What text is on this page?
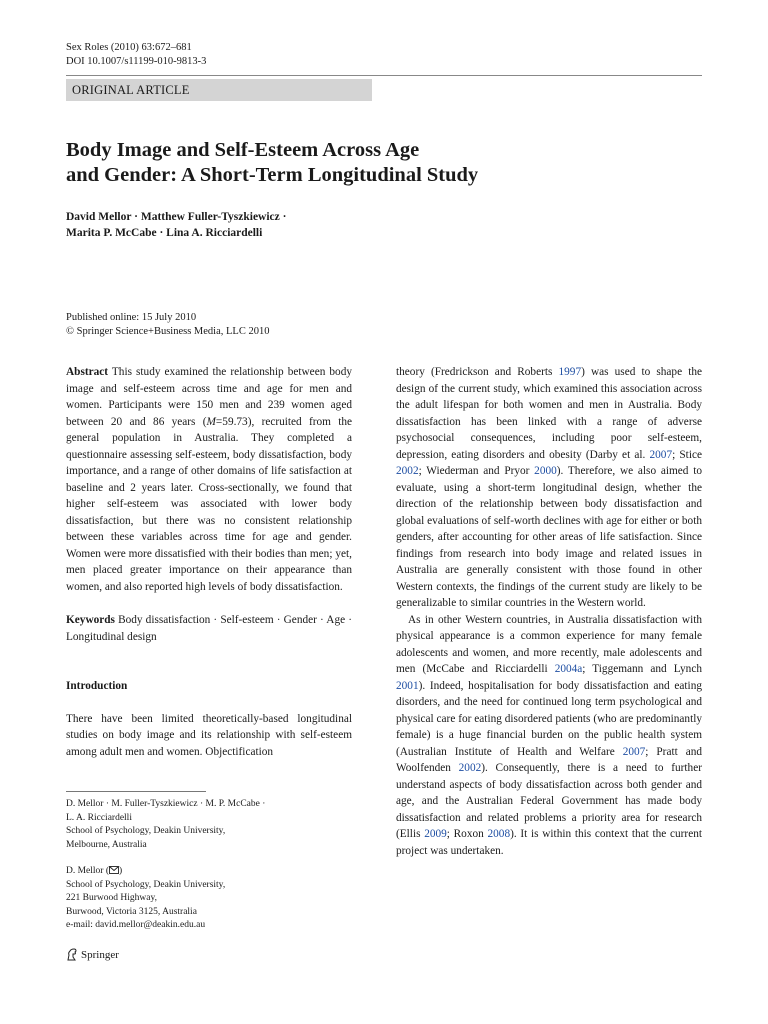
Sex Roles (2010) 63:672–681
DOI 10.1007/s11199-010-9813-3
ORIGINAL ARTICLE
Body Image and Self-Esteem Across Age
and Gender: A Short-Term Longitudinal Study
David Mellor · Matthew Fuller-Tyszkiewicz ·
Marita P. McCabe · Lina A. Ricciardelli
Published online: 15 July 2010
© Springer Science+Business Media, LLC 2010

Abstract This study examined the relationship between body image and self-esteem across time and age for men and women. Participants were 150 men and 239 women aged between 20 and 86 years (M=59.73), recruited from the general population in Australia. They completed a questionnaire assessing self-esteem, body dissatisfaction, body importance, and a range of other domains of life satisfaction at baseline and 2 years later. Cross-sectionally, we found that higher self-esteem was associated with lower body dissatisfaction, but there was no consistent relationship between these variables across time for age and gender. Women were more dissatisfied with their bodies than men; yet, men placed greater importance on their appearance than women, and also reported high levels of body dissatisfaction.

Keywords Body dissatisfaction · Self-esteem · Gender · Age · Longitudinal design

Introduction

There have been limited theoretically-based longitudinal studies on body image and its relationship with self-esteem among adult men and women. Objectification

D. Mellor · M. Fuller-Tyszkiewicz · M. P. McCabe ·
L. A. Ricciardelli
School of Psychology, Deakin University,
Melbourne, Australia
D. Mellor ( )
School of Psychology, Deakin University,
221 Burwood Highway,
Burwood, Victoria 3125, Australia
e-mail: david.mellor@deakin.edu.au

theory (Fredrickson and Roberts 1997) was used to shape the design of the current study, which examined this association across the adult lifespan for both women and men in Australia. Body dissatisfaction has been linked with a range of adverse psychosocial consequences, including poor self-esteem, depression, eating disorders and obesity (Darby et al. 2007; Stice 2002; Wiederman and Pryor 2000). Therefore, we also aimed to evaluate, using a short-term longitudinal design, whether the direction of the relationship between body dissatisfaction and global evaluations of self-worth declines with age for either or both genders, after accounting for other areas of life satisfaction. Since findings from research into body image and related issues in Australia are generally consistent with those found in other Western contexts, the findings of the current study are likely to be generalizable to similar countries in the Western world.

As in other Western countries, in Australia dissatisfaction with physical appearance is a common experience for many female adolescents and women, and more recently, male adolescents and men (McCabe and Ricciardelli 2004a; Tiggemann and Lynch 2001). Indeed, hospitalisation for body dissatisfaction and eating disorders, and the need for continued long term psychological and physical care for eating disordered patients (who are predominantly female) is a huge financial burden on the public health system (Australian Institute of Health and Welfare 2007; Pratt and Woolfenden 2002). Consequently, there is a need to further understand aspects of body dissatisfaction across both gender and age, and the Australian Federal Government has made body dissatisfaction and related problems a priority area for research (Ellis 2009; Roxon 2008). It is within this context that the current project was undertaken.

Springer
